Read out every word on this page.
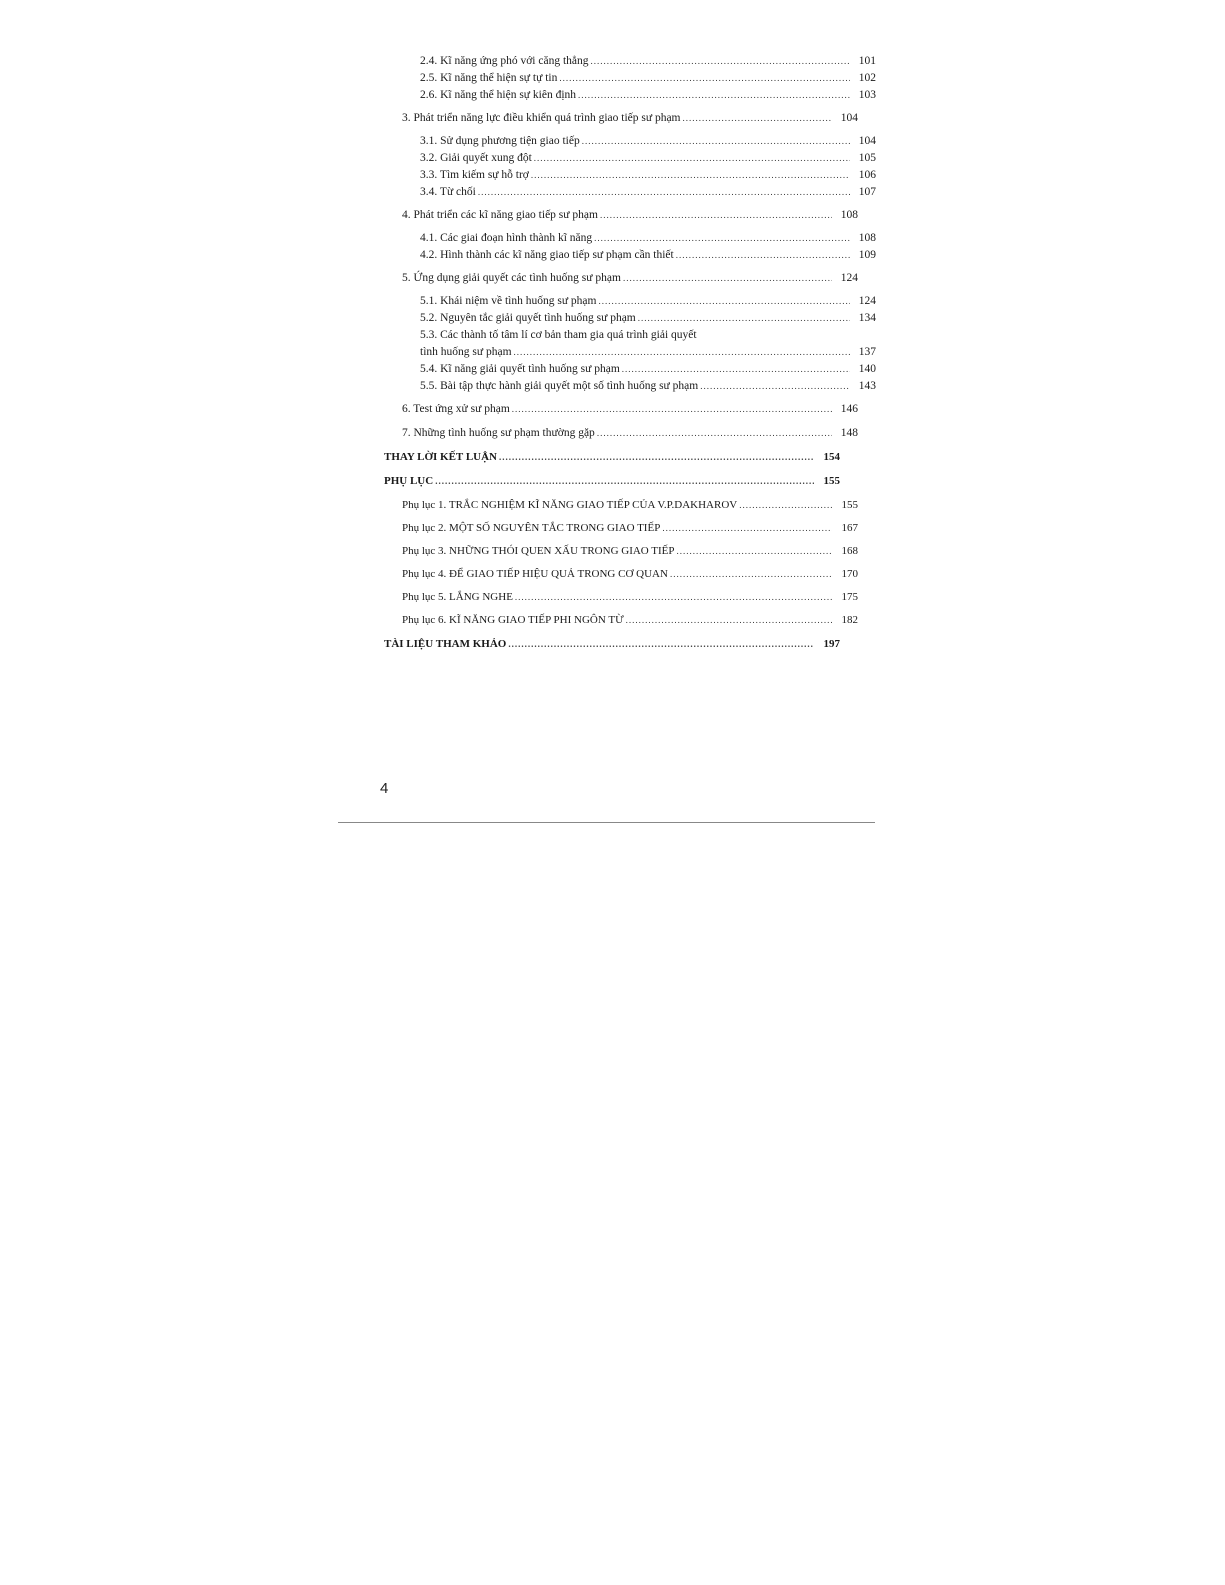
2.4. Kĩ năng ứng phó với căng thẳng .....	101
2.5. Kĩ năng thể hiện sự tự tin .....	102
2.6. Kĩ năng thể hiện sự kiên định .....	103
3. Phát triển năng lực điều khiển quá trình giao tiếp sư phạm .....	104
3.1. Sử dụng phương tiện giao tiếp .....	104
3.2. Giải quyết xung đột .....	105
3.3. Tìm kiếm sự hỗ trợ .....	106
3.4. Từ chối .....	107
4. Phát triển các kĩ năng giao tiếp sư phạm .....	108
4.1. Các giai đoạn hình thành kĩ năng .....	108
4.2. Hình thành các kĩ năng giao tiếp sư phạm cần thiết .....	109
5. Ứng dụng giải quyết các tình huống sư phạm .....	124
5.1. Khái niệm về tình huống sư phạm .....	124
5.2. Nguyên tắc giải quyết tình huống sư phạm .....	134
5.3. Các thành tố tâm lí cơ bản tham gia quá trình giải quyết
tình huống sư phạm .....	137
5.4. Kĩ năng giải quyết tình huống sư phạm .....	140
5.5. Bài tập thực hành giải quyết một số tình huống sư phạm .....	143
6. Test ứng xử sư phạm .....	146
7. Những tình huống sư phạm thường gặp .....	148
THAY LỜI KẾT LUẬN .....	154
PHỤ LỤC .....	155
Phụ lục 1. TRẮC NGHIỆM KĨ NĂNG GIAO TIẾP CỦA V.P.DAKHAROV .....	155
Phụ lục 2. MỘT SỐ NGUYÊN TẮC TRONG GIAO TIẾP .....	167
Phụ lục 3. NHỮNG THÓI QUEN XẤU TRONG GIAO TIẾP .....	168
Phụ lục 4. ĐỂ GIAO TIẾP HIỆU QUẢ TRONG CƠ QUAN .....	170
Phụ lục 5. LẮNG NGHE .....	175
Phụ lục 6. KĨ NĂNG GIAO TIẾP PHI NGÔN TỪ .....	182
TÀI LIỆU THAM KHẢO .....	197
4
